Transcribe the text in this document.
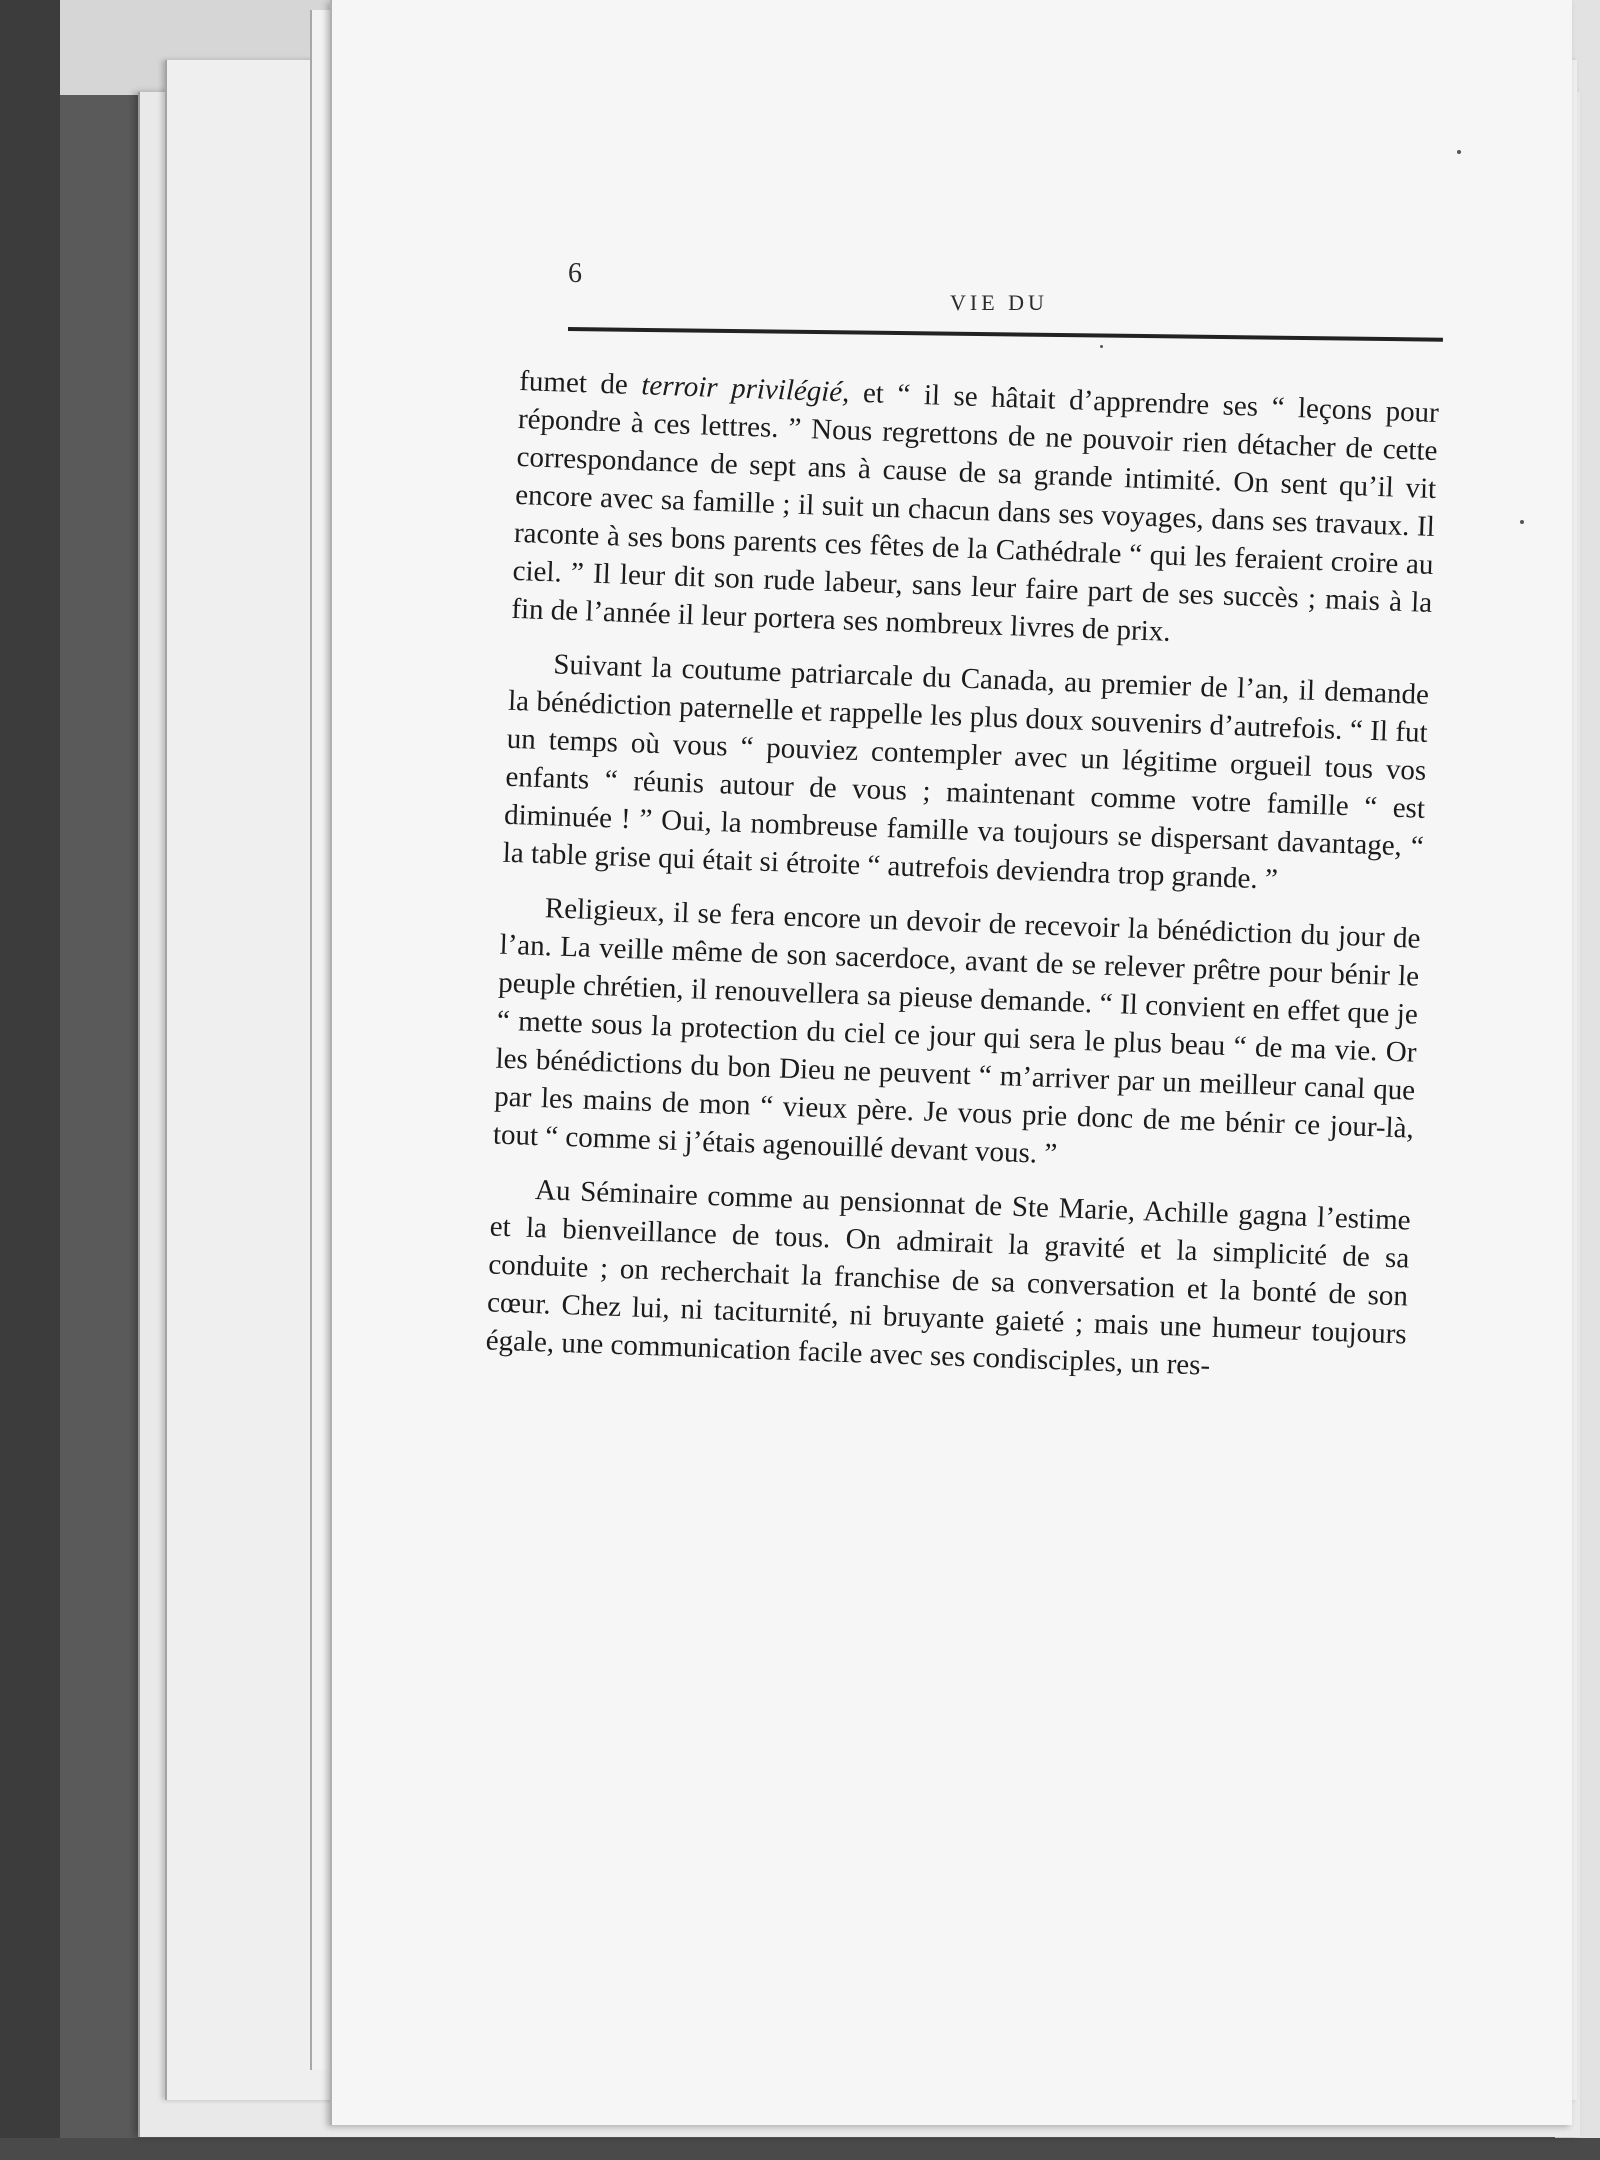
6
VIE DU

fumet de terroir privilégié, et “ il se hâtait d’apprendre ses “ leçons pour répondre à ces lettres. ” Nous regrettons de ne pouvoir rien détacher de cette correspondance de sept ans à cause de sa grande intimité. On sent qu’il vit encore avec sa famille ; il suit un chacun dans ses voyages, dans ses travaux. Il raconte à ses bons parents ces fêtes de la Cathédrale “ qui les feraient croire au ciel. ” Il leur dit son rude labeur, sans leur faire part de ses succès ; mais à la fin de l’année il leur portera ses nombreux livres de prix.

Suivant la coutume patriarcale du Canada, au premier de l’an, il demande la bénédiction paternelle et rappelle les plus doux souvenirs d’autrefois. “ Il fut un temps où vous “ pouviez contempler avec un légitime orgueil tous vos enfants “ réunis autour de vous ; maintenant comme votre famille “ est diminuée ! ” Oui, la nombreuse famille va toujours se dispersant davantage, “ la table grise qui était si étroite “ autrefois deviendra trop grande. ”

Religieux, il se fera encore un devoir de recevoir la bénédiction du jour de l’an. La veille même de son sacerdoce, avant de se relever prêtre pour bénir le peuple chrétien, il renouvellera sa pieuse demande. “ Il convient en effet que je “ mette sous la protection du ciel ce jour qui sera le plus beau “ de ma vie. Or les bénédictions du bon Dieu ne peuvent “ m’arriver par un meilleur canal que par les mains de mon “ vieux père. Je vous prie donc de me bénir ce jour-là, tout “ comme si j’étais agenouillé devant vous. ”

Au Séminaire comme au pensionnat de Ste Marie, Achille gagna l’estime et la bienveillance de tous. On admirait la gravité et la simplicité de sa conduite ; on recherchait la franchise de sa conversation et la bonté de son cœur. Chez lui, ni taciturnité, ni bruyante gaieté ; mais une humeur toujours égale, une communication facile avec ses condisciples, un res-
